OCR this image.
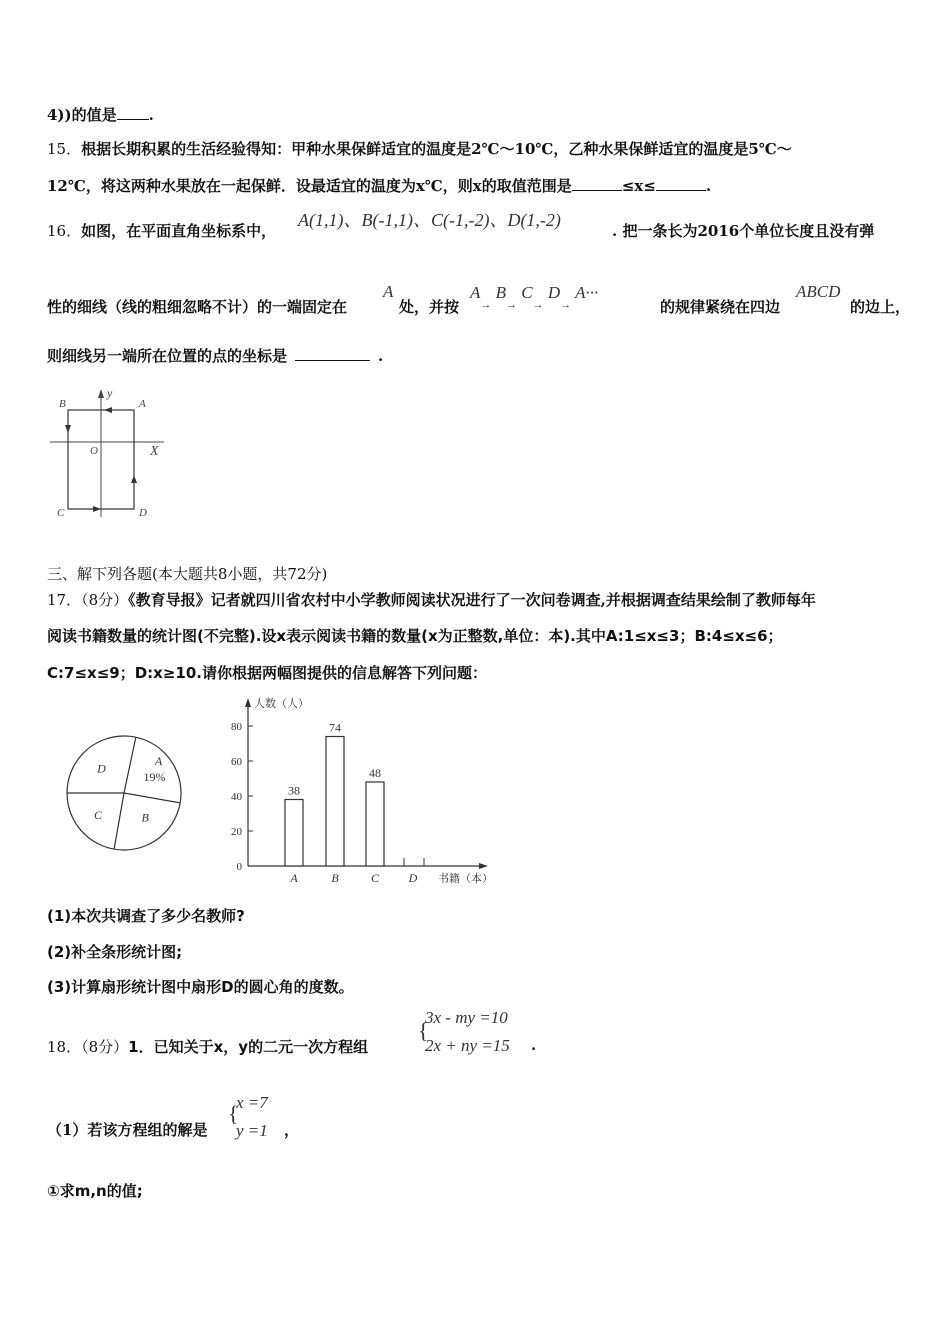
4))的值是 .
15．根据长期积累的生活经验得知：甲种水果保鲜适宜的温度是2℃～10℃，乙种水果保鲜适宜的温度是5℃～
12℃，将这两种水果放在一起保鲜．设最适宜的温度为x℃，则x的取值范围是	≤x≤	.
16．如图，在平面直角坐标系中，
A(1,1)、B(-1,1)、C(-1,-2)、D(1,-2)
. 把一条长为2016个单位长度且没有弹
性的细线（线的粗细忽略不计）的一端固定在
A
处，并按
$A_\to$ $B_\to$ $C_\to$ $D_\to$ A···
的规律紧绕在四边
ABCD
的边上，
则细线另一端所在位置的点的坐标是	.
y
X
O
A
B
C	D
三、解下列各题(本大题共8小题，共72分)
17．（8分）《教育导报》记者就四川省农村中小学教师阅读状况进行了一次问卷调查,并根据调查结果绘制了教师每年
阅读书籍数量的统计图(不完整).设x表示阅读书籍的数量(x为正整数,单位：本).其中A:1≤x≤3；B:4≤x≤6；
C:7≤x≤9；D:x≥10.请你根据两幅图提供的信息解答下列问题：
A
19%
B
C
D
人数（人）
0
20
40
60
80
38
A
74
B
48
C D 书籍（本）
(1)本次共调查了多少名教师?
(2)补全条形统计图;
(3)计算扇形统计图中扇形D的圆心角的度数。
18．（8分）1．已知关于x，y的二元一次方程组
{
3x - my =10
2x + ny =15 .
（1）若该方程组的解是
{
x =7
y =1 ，
①求m,n的值;
